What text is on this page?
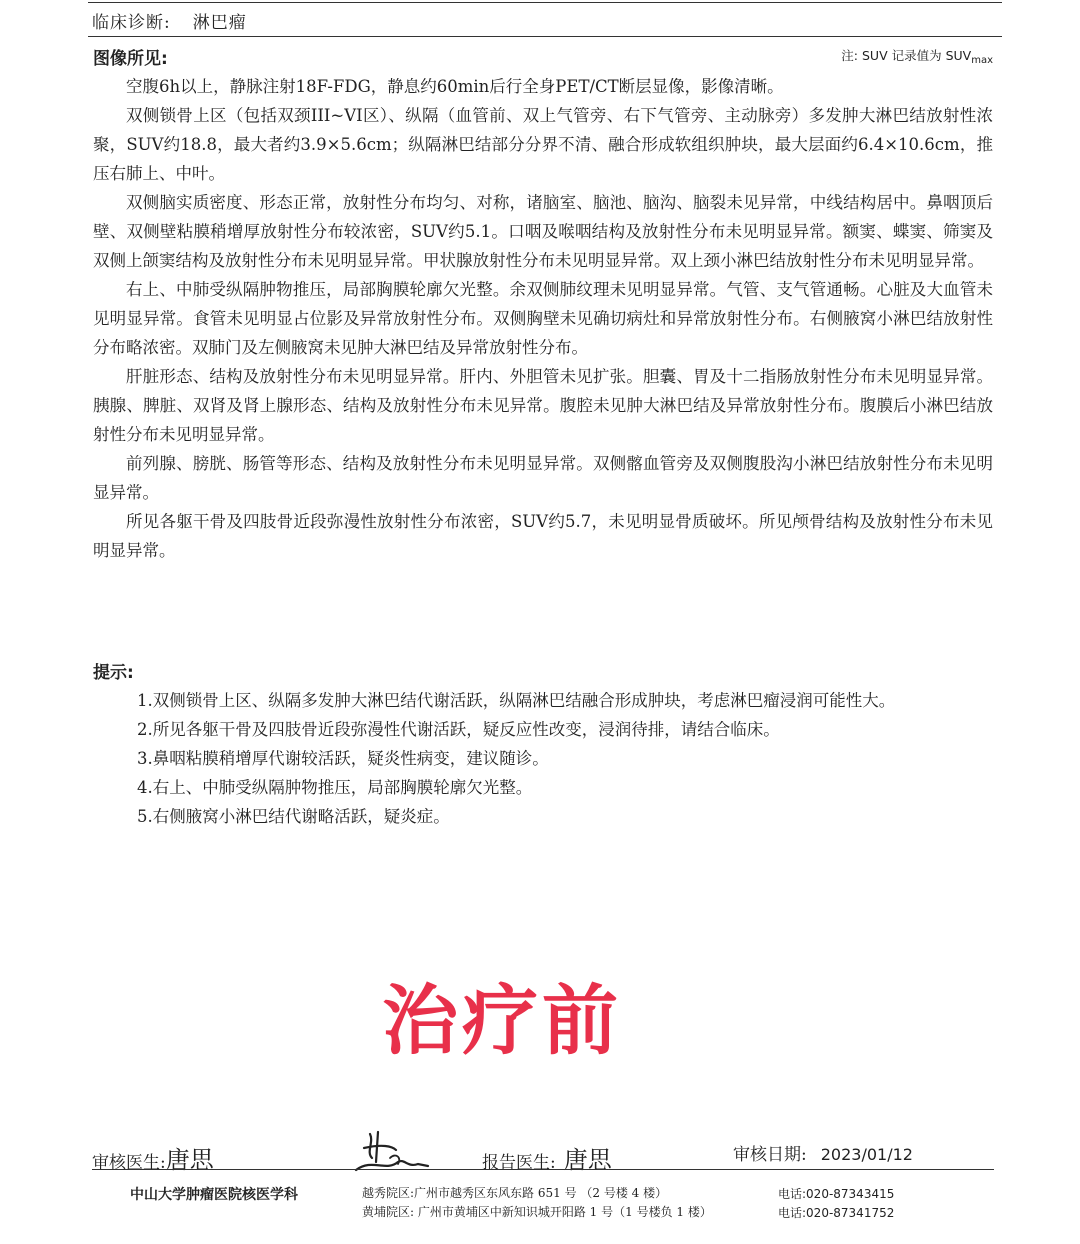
临床诊断: 淋巴瘤
图像所见:	注: SUV 记录值为 $SUV_{max}$

空腹6h以上，静脉注射18F-FDG，静息约60min后行全身PET/CT断层显像，影像清晰。

双侧锁骨上区（包括双颈III~VI区）、纵隔（血管前、双上气管旁、右下气管旁、主动脉旁）多发肿大淋巴结放射性浓聚，SUV约18.8，最大者约3.9×5.6cm；纵隔淋巴结部分分界不清、融合形成软组织肿块，最大层面约6.4×10.6cm，推压右肺上、中叶。

双侧脑实质密度、形态正常，放射性分布均匀、对称，诸脑室、脑池、脑沟、脑裂未见异常，中线结构居中。鼻咽顶后壁、双侧壁粘膜稍增厚放射性分布较浓密，SUV约5.1。口咽及喉咽结构及放射性分布未见明显异常。额窦、蝶窦、筛窦及双侧上颌窦结构及放射性分布未见明显异常。甲状腺放射性分布未见明显异常。双上颈小淋巴结放射性分布未见明显异常。

右上、中肺受纵隔肿物推压，局部胸膜轮廓欠光整。余双侧肺纹理未见明显异常。气管、支气管通畅。心脏及大血管未见明显异常。食管未见明显占位影及异常放射性分布。双侧胸壁未见确切病灶和异常放射性分布。右侧腋窝小淋巴结放射性分布略浓密。双肺门及左侧腋窝未见肿大淋巴结及异常放射性分布。

肝脏形态、结构及放射性分布未见明显异常。肝内、外胆管未见扩张。胆囊、胃及十二指肠放射性分布未见明显异常。胰腺、脾脏、双肾及肾上腺形态、结构及放射性分布未见异常。腹腔未见肿大淋巴结及异常放射性分布。腹膜后小淋巴结放射性分布未见明显异常。

前列腺、膀胱、肠管等形态、结构及放射性分布未见明显异常。双侧髂血管旁及双侧腹股沟小淋巴结放射性分布未见明显异常。

所见各躯干骨及四肢骨近段弥漫性放射性分布浓密，SUV约5.7，未见明显骨质破坏。所见颅骨结构及放射性分布未见明显异常。

提示:
1.双侧锁骨上区、纵隔多发肿大淋巴结代谢活跃，纵隔淋巴结融合形成肿块，考虑淋巴瘤浸润可能性大。
2.所见各躯干骨及四肢骨近段弥漫性代谢活跃，疑反应性改变，浸润待排，请结合临床。
3.鼻咽粘膜稍增厚代谢较活跃，疑炎性病变，建议随诊。
4.右上、中肺受纵隔肿物推压，局部胸膜轮廓欠光整。
5.右侧腋窝小淋巴结代谢略活跃，疑炎症。
治疗前
审核医生:唐思	报告医生: 唐思	审核日期: 2023/01/12
中山大学肿瘤医院核医学科	越秀院区:广州市越秀区东风东路 651 号 （2 号楼 4 楼）	电话:020-87343415
黄埔院区: 广州市黄埔区中新知识城开阳路 1 号（1 号楼负 1 楼）	电话:020-87341752
